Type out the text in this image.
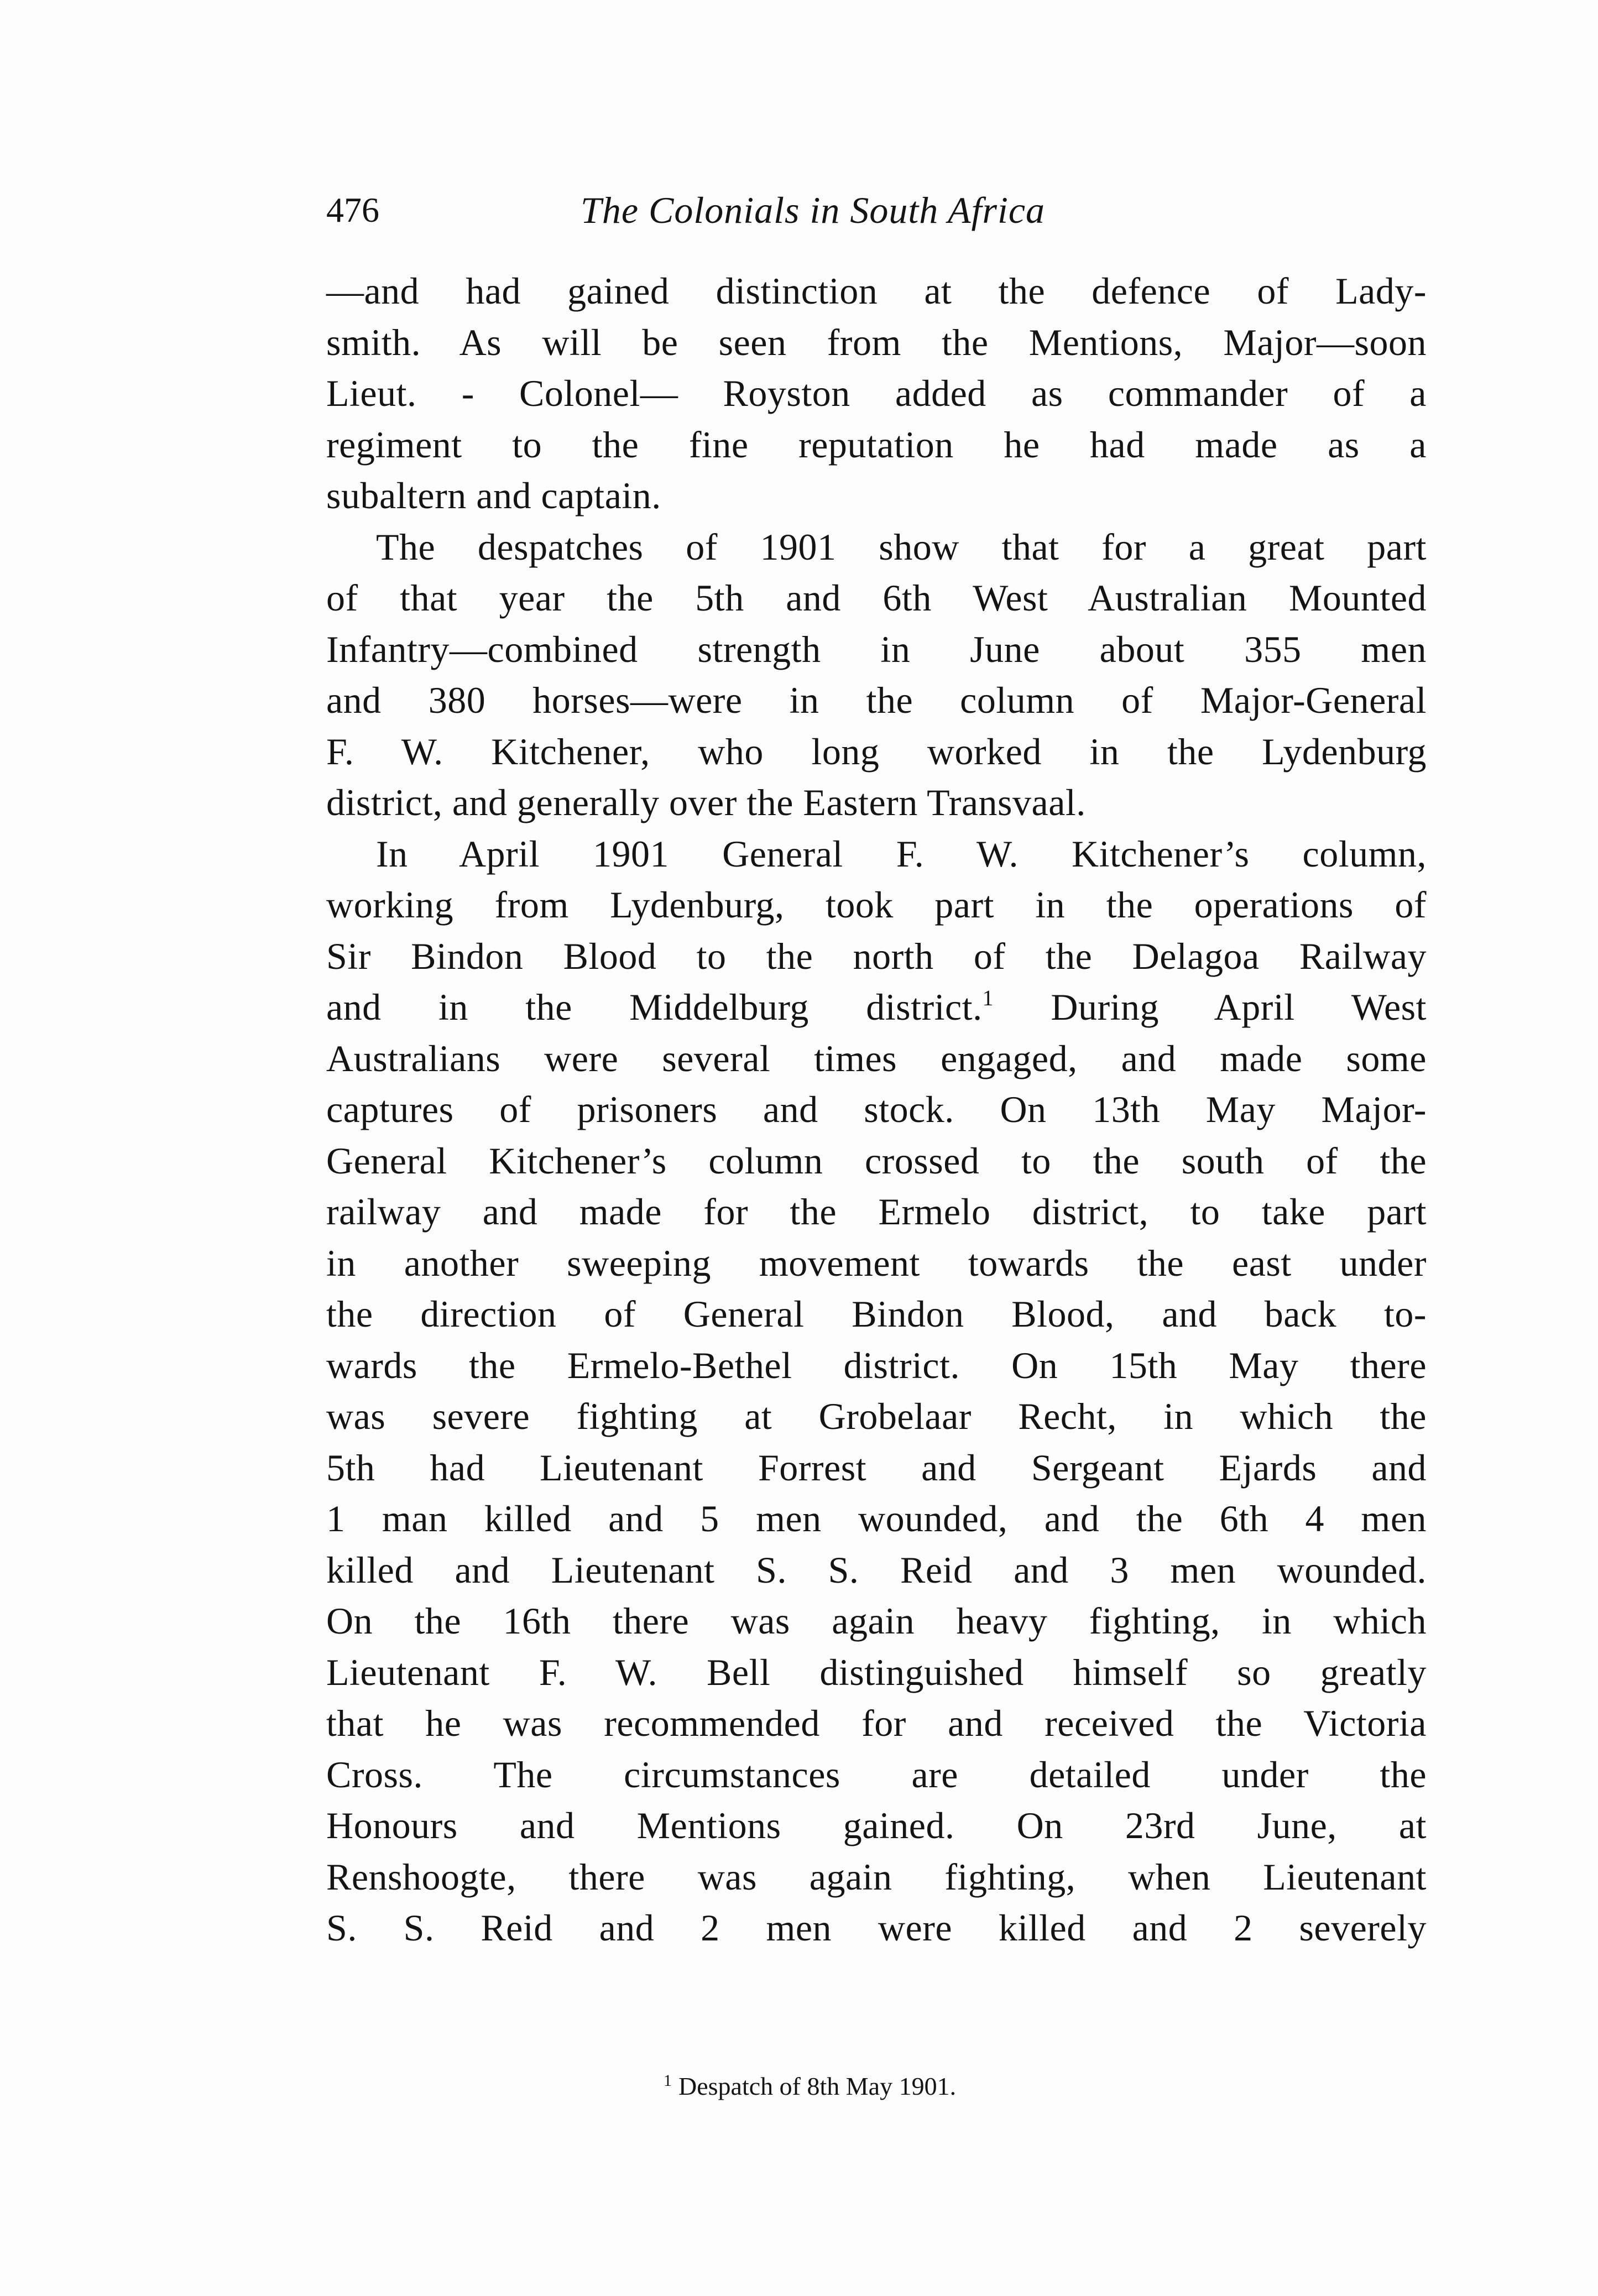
476	The Colonials in South Africa
—and had gained distinction at the defence of Lady-
smith. As will be seen from the Mentions, Major—soon
Lieut. - Colonel— Royston added as commander of a
regiment to the fine reputation he had made as a
subaltern and captain.
The despatches of 1901 show that for a great part
of that year the 5th and 6th West Australian Mounted
Infantry—combined strength in June about 355 men
and 380 horses—were in the column of Major-General
F. W. Kitchener, who long worked in the Lydenburg
district, and generally over the Eastern Transvaal.
In April 1901 General F. W. Kitchener’s column,
working from Lydenburg, took part in the operations of
Sir Bindon Blood to the north of the Delagoa Railway
and in the Middelburg district.$^1$ During April West
Australians were several times engaged, and made some
captures of prisoners and stock. On 13th May Major-
General Kitchener’s column crossed to the south of the
railway and made for the Ermelo district, to take part
in another sweeping movement towards the east under
the direction of General Bindon Blood, and back to-
wards the Ermelo-Bethel district. On 15th May there
was severe fighting at Grobelaar Recht, in which the
5th had Lieutenant Forrest and Sergeant Ejards and
1 man killed and 5 men wounded, and the 6th 4 men
killed and Lieutenant S. S. Reid and 3 men wounded.
On the 16th there was again heavy fighting, in which
Lieutenant F. W. Bell distinguished himself so greatly
that he was recommended for and received the Victoria
Cross. The circumstances are detailed under the
Honours and Mentions gained. On 23rd June, at
Renshoogte, there was again fighting, when Lieutenant
S. S. Reid and 2 men were killed and 2 severely
$^1$ Despatch of 8th May 1901.
